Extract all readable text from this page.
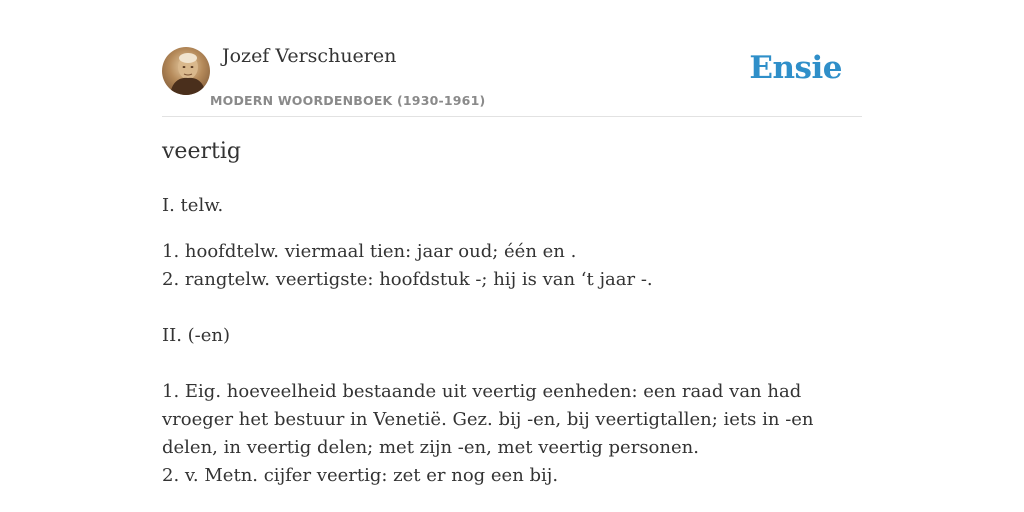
Jozef Verschueren
MODERN WOORDENBOEK (1930-1961)
Ensie
veertig

I. telw.

1. hoofdtelw. viermaal tien: jaar oud; één en .

2. rangtelw. veertigste: hoofdstuk -; hij is van ‘t jaar -.

II. (-en)

1. Eig. hoeveelheid bestaande uit veertig eenheden: een raad van had vroeger het bestuur in Venetië. Gez. bij -en, bij veertigtallen; iets in -en delen, in veertig delen; met zijn -en, met veertig personen.

2. v. Metn. cijfer veertig: zet er nog een bij.
